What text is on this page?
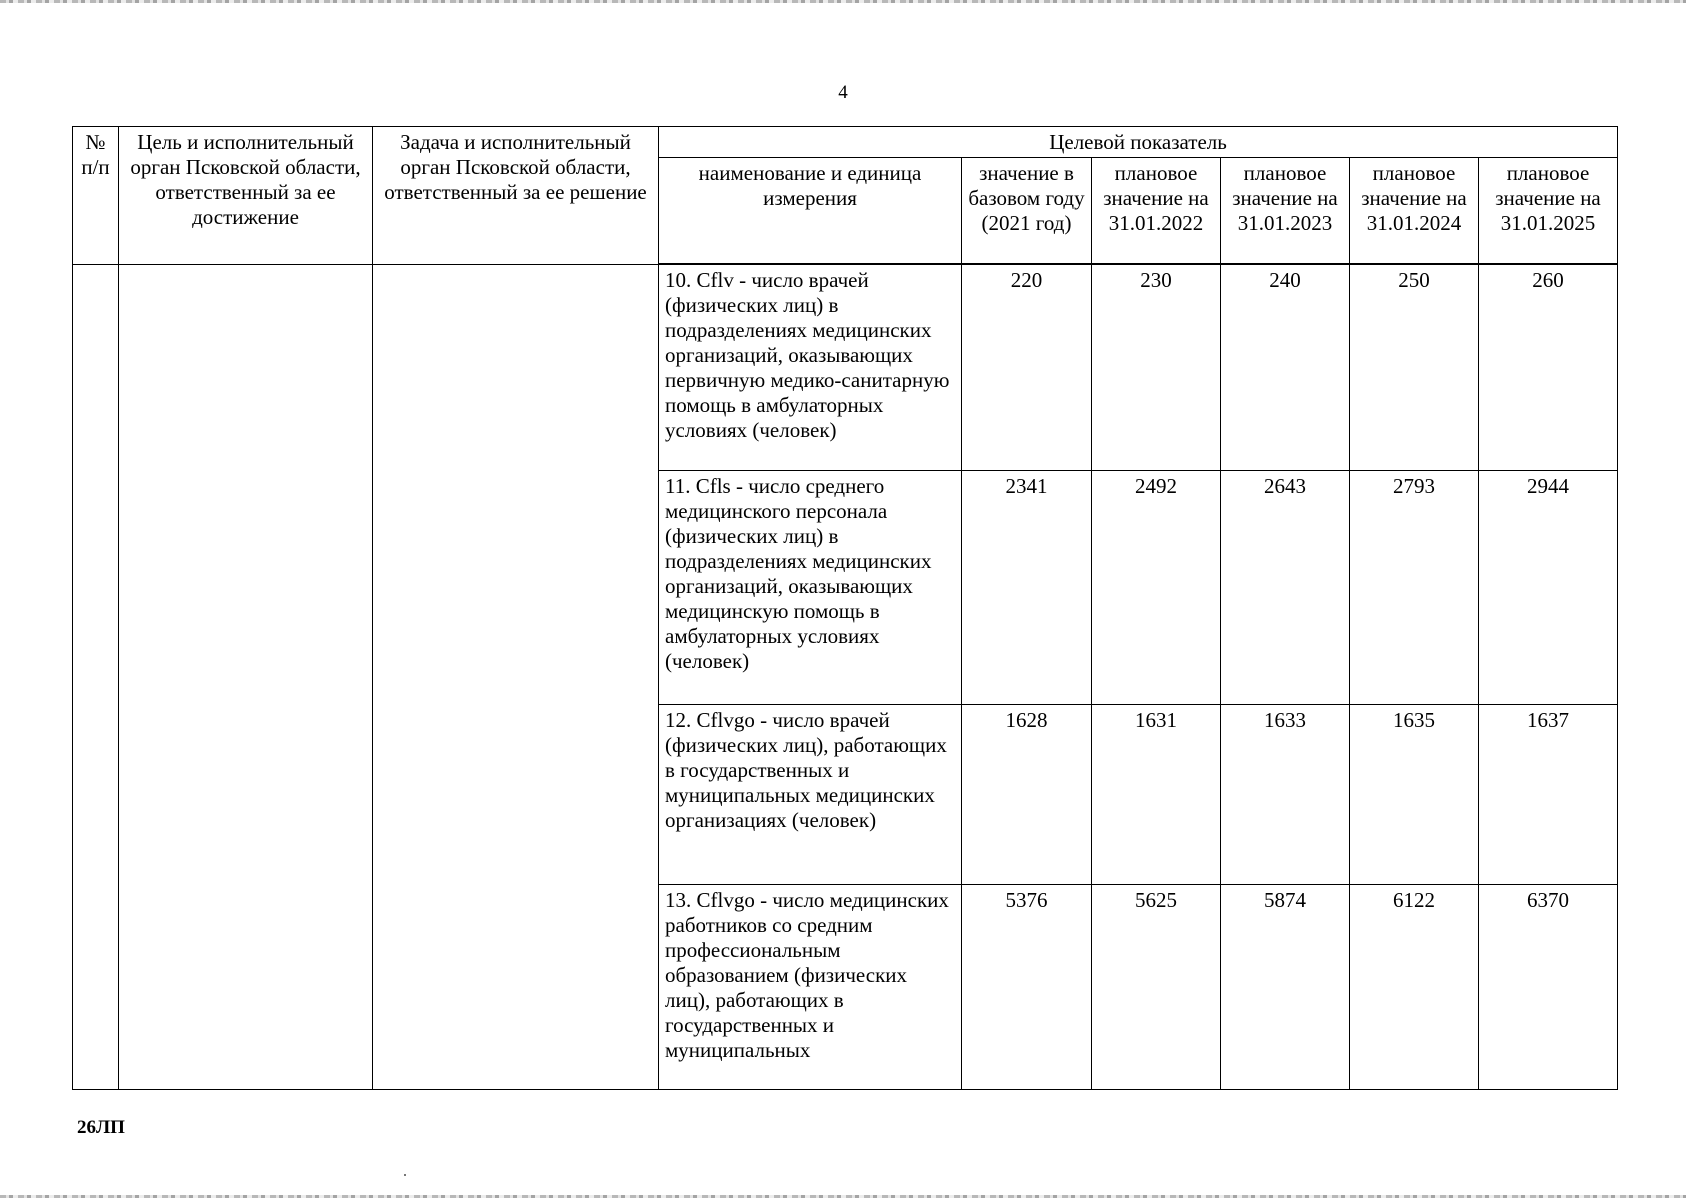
4
№ п/п	Цель и исполнительный орган Псковской области, ответственный за ее достижение	Задача и исполнительный орган Псковской области, ответственный за ее решение	Целевой показатель					
			наименование и единица измерения	значение в базовом году (2021 год)	плановое значение на 31.01.2022	плановое значение на 31.01.2023	плановое значение на 31.01.2024	плановое значение на 31.01.2025
			10. Cflv - число врачей (физических лиц) в подразделениях медицинских организаций, оказывающих первичную медико-санитарную помощь в амбулаторных условиях (человек)	220	230	240	250	260
			11. Cfls - число среднего медицинского персонала (физических лиц) в подразделениях медицинских организаций, оказывающих медицинскую помощь в амбулаторных условиях (человек)	2341	2492	2643	2793	2944
			12. Cflvgo - число врачей (физических лиц), работающих в государственных и муниципальных медицинских организациях (человек)	1628	1631	1633	1635	1637
			13. Cflvgo - число медицинских работников со средним профессиональным образованием (физических лиц), работающих в государственных и муниципальных	5376	5625	5874	6122	6370
26ЛП
